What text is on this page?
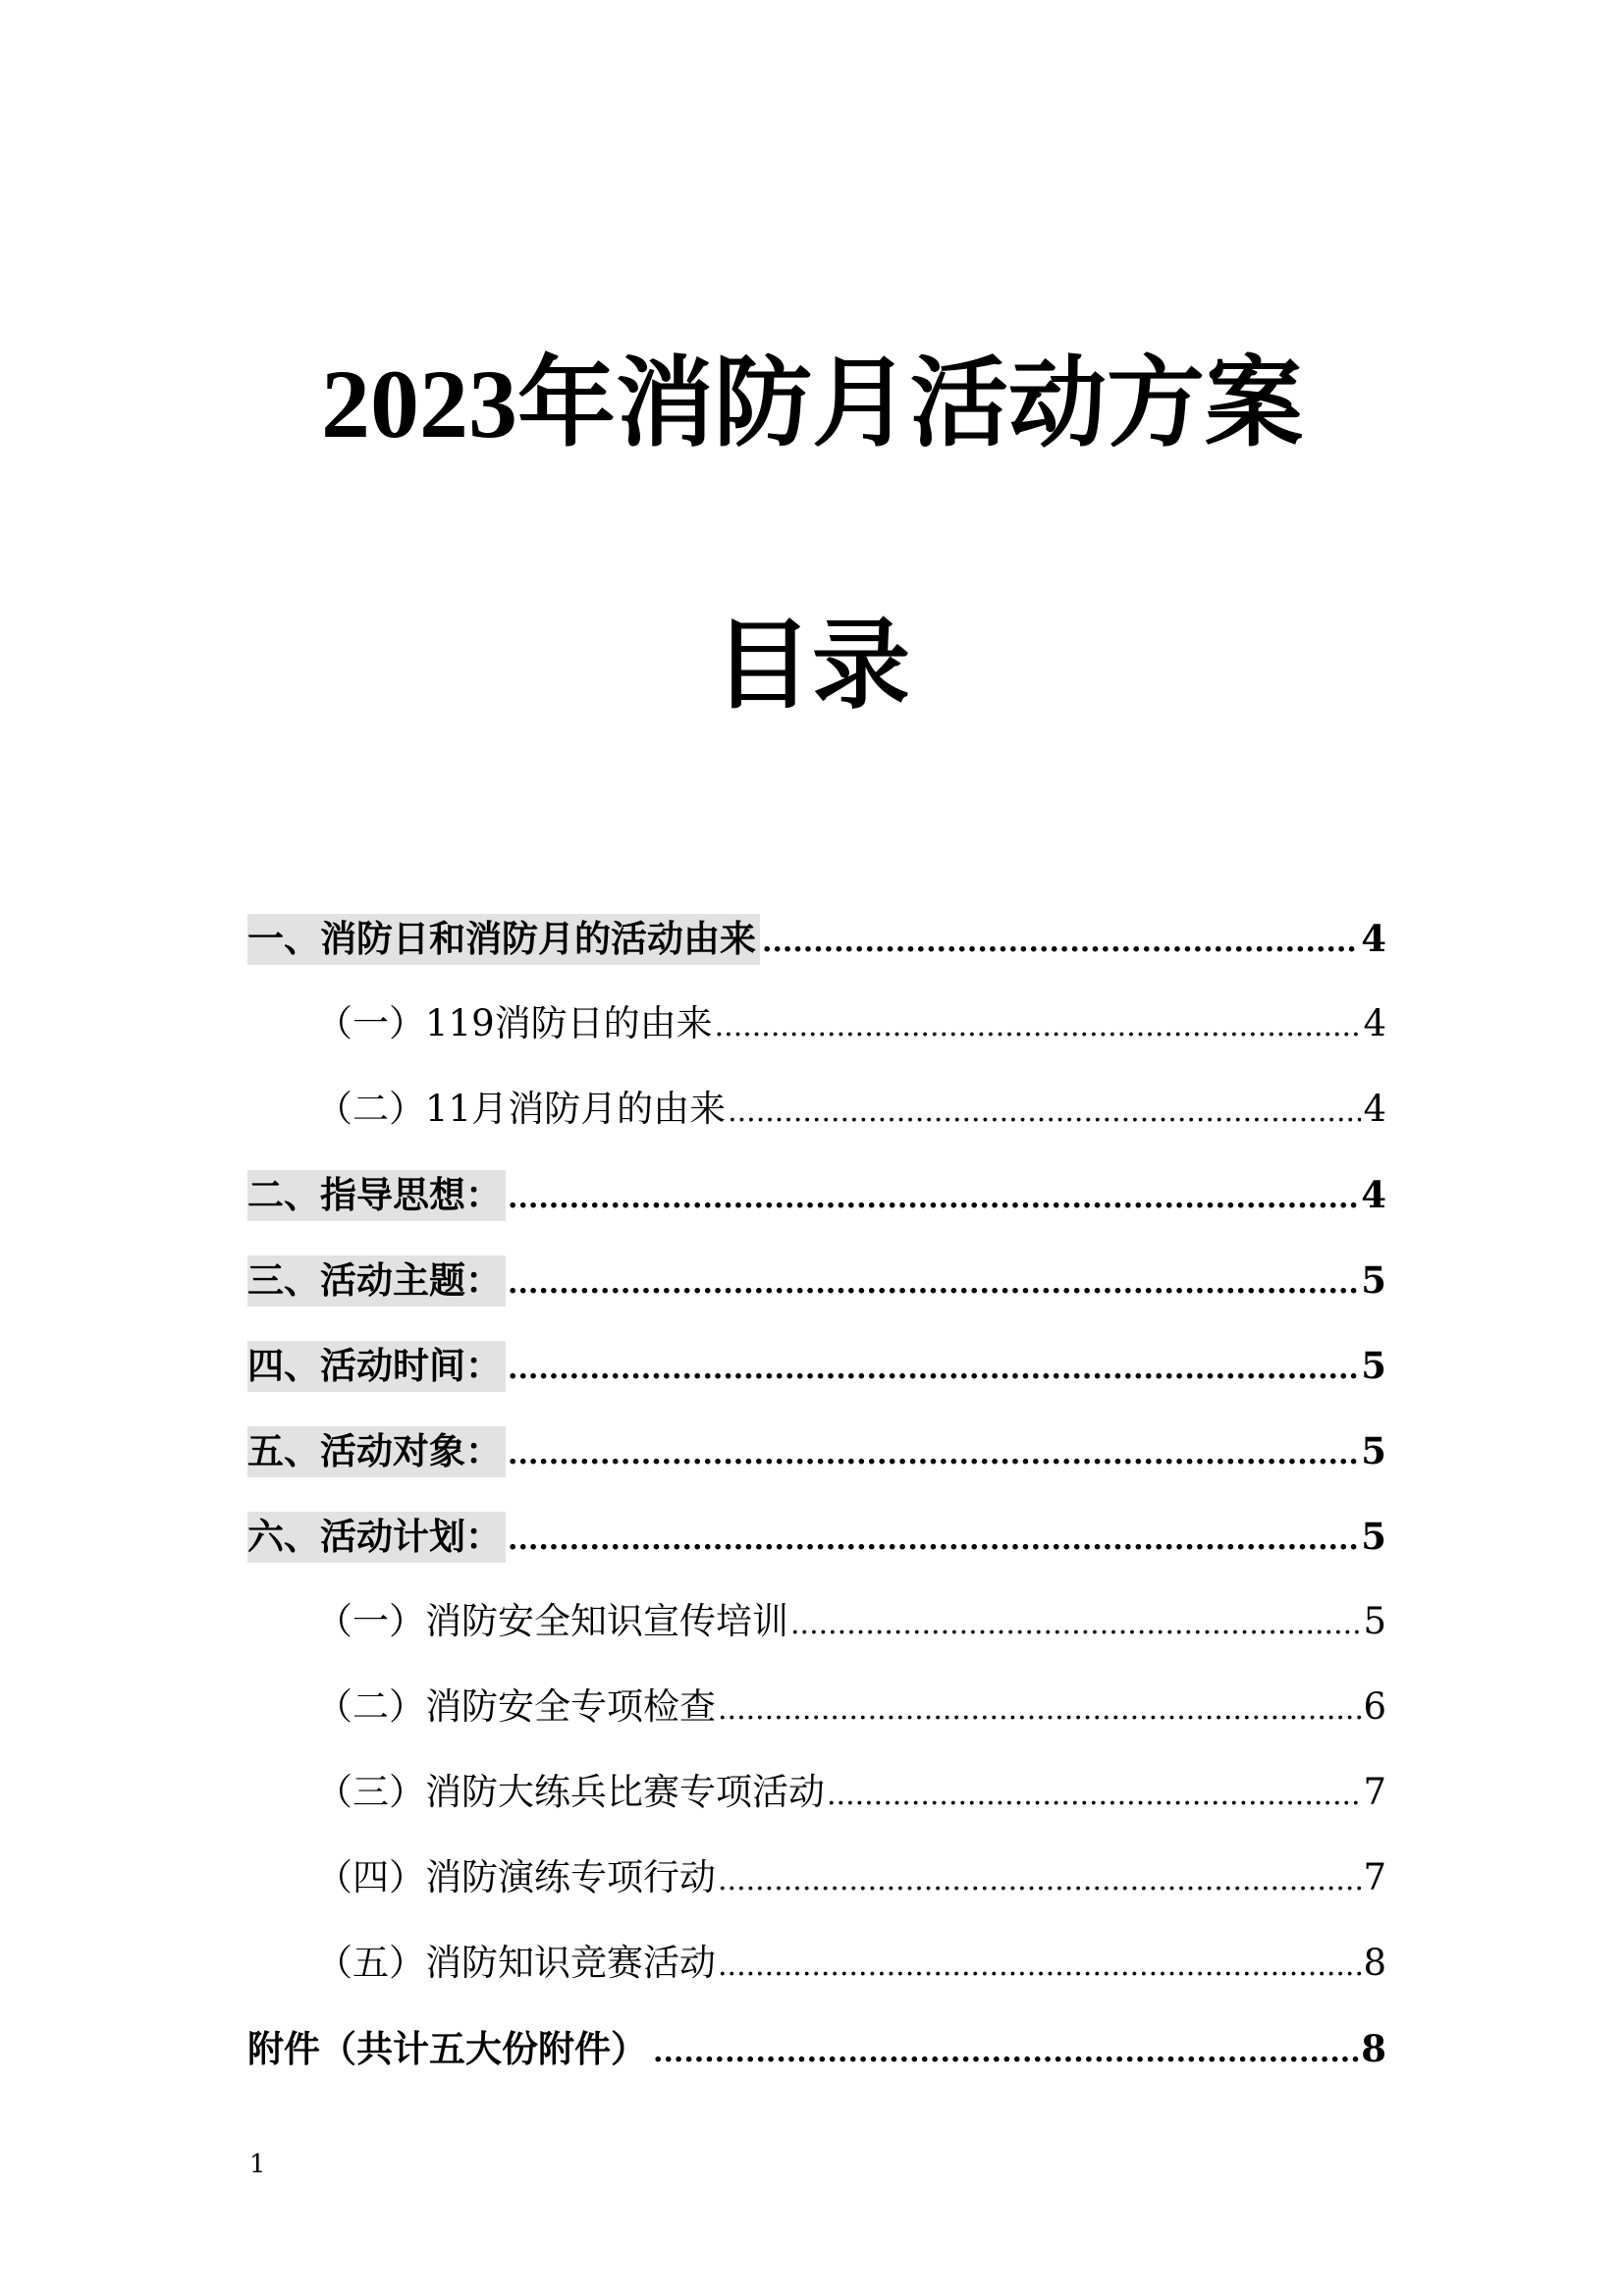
2023年消防月活动方案
目录
一、消防日和消防月的活动由来 .....	4
（一）119消防日的由来 .....	4
（二）11月消防月的由来 .....	4
二、指导思想： .....	4
三、活动主题： .....	5
四、活动时间： .....	5
五、活动对象： .....	5
六、活动计划： .....	5
（一）消防安全知识宣传培训 .....	5
（二）消防安全专项检查 .....	6
（三）消防大练兵比赛专项活动 .....	7
（四）消防演练专项行动 .....	7
（五）消防知识竞赛活动 .....	8
附件（共计五大份附件） .....	8
1
